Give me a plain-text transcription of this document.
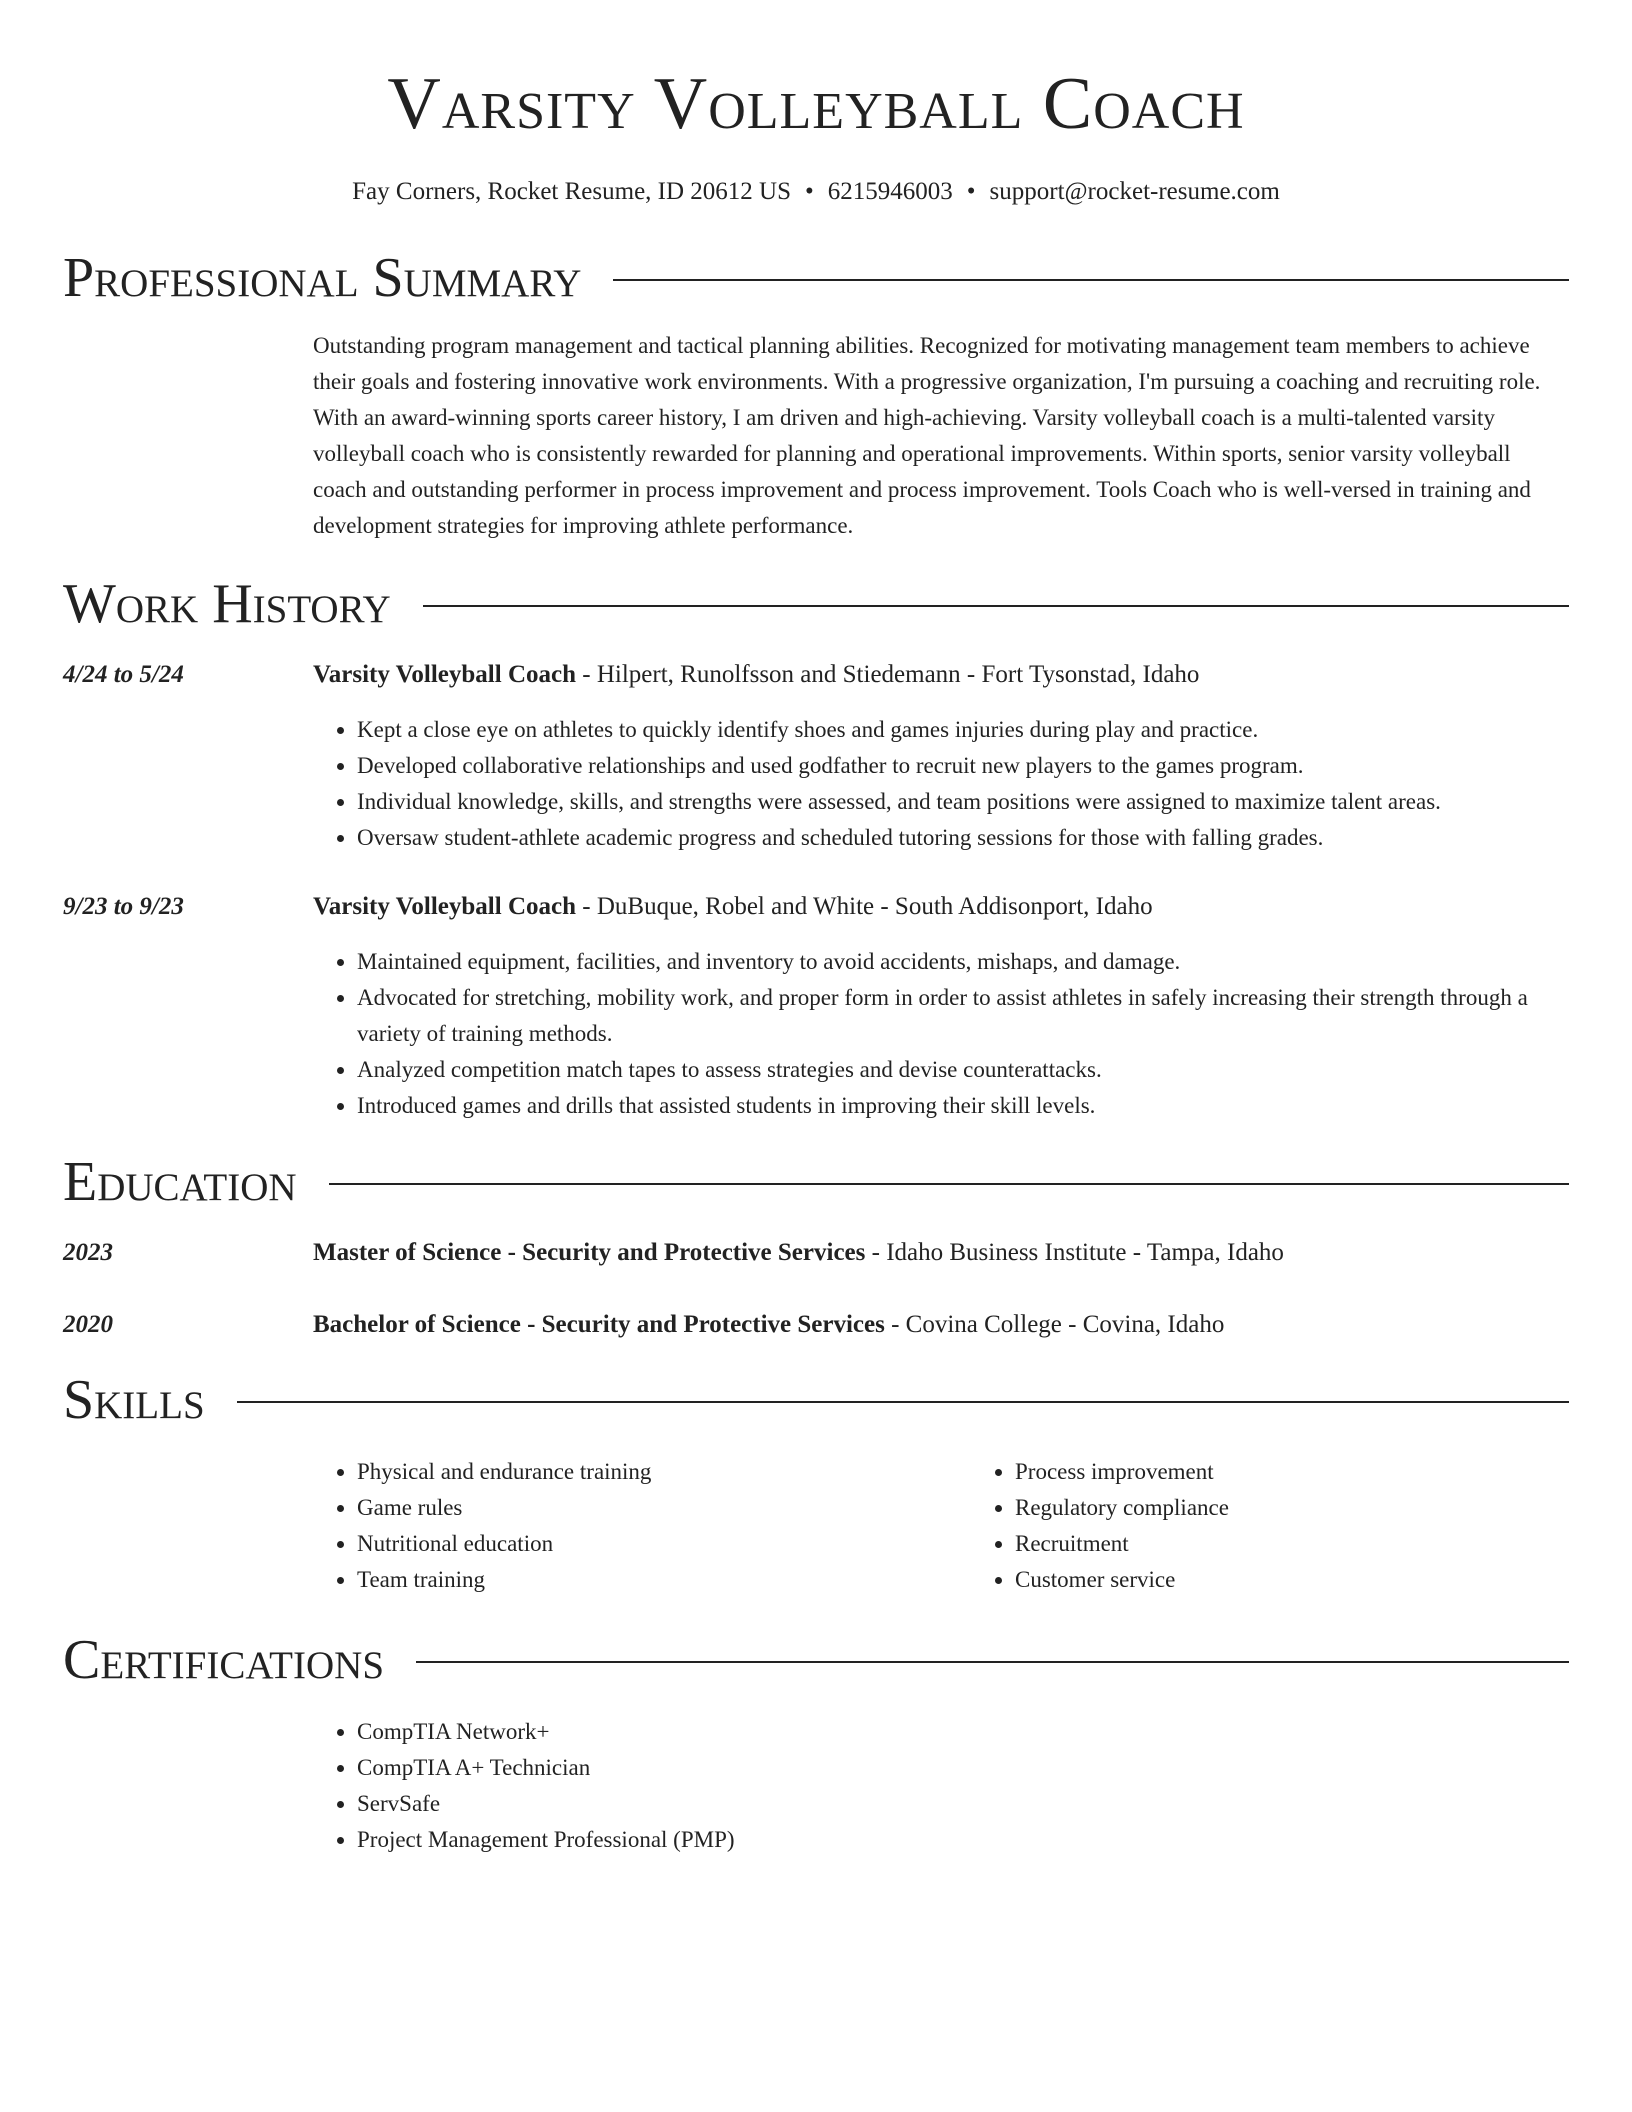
Varsity Volleyball Coach
Fay Corners, Rocket Resume, ID 20612 US • 6215946003 • support@rocket-resume.com
Professional Summary
Outstanding program management and tactical planning abilities. Recognized for motivating management team members to achieve their goals and fostering innovative work environments. With a progressive organization, I'm pursuing a coaching and recruiting role. With an award-winning sports career history, I am driven and high-achieving. Varsity volleyball coach is a multi-talented varsity volleyball coach who is consistently rewarded for planning and operational improvements. Within sports, senior varsity volleyball coach and outstanding performer in process improvement and process improvement. Tools Coach who is well-versed in training and development strategies for improving athlete performance.
Work History
4/24 to 5/24	Varsity Volleyball Coach - Hilpert, Runolfsson and Stiedemann - Fort Tysonstad, Idaho
• Kept a close eye on athletes to quickly identify shoes and games injuries during play and practice.
• Developed collaborative relationships and used godfather to recruit new players to the games program.
• Individual knowledge, skills, and strengths were assessed, and team positions were assigned to maximize talent areas.
• Oversaw student-athlete academic progress and scheduled tutoring sessions for those with falling grades.
9/23 to 9/23	Varsity Volleyball Coach - DuBuque, Robel and White - South Addisonport, Idaho
• Maintained equipment, facilities, and inventory to avoid accidents, mishaps, and damage.
• Advocated for stretching, mobility work, and proper form in order to assist athletes in safely increasing their strength through a variety of training methods.
• Analyzed competition match tapes to assess strategies and devise counterattacks.
• Introduced games and drills that assisted students in improving their skill levels.
Education
2023	Master of Science - Security and Protective Services - Idaho Business Institute - Tampa, Idaho
2020	Bachelor of Science - Security and Protective Services - Covina College - Covina, Idaho
Skills
• Physical and endurance training
• Game rules
• Nutritional education
• Team training
• Process improvement
• Regulatory compliance
• Recruitment
• Customer service
Certifications
• CompTIA Network+
• CompTIA A+ Technician
• ServSafe
• Project Management Professional (PMP)
